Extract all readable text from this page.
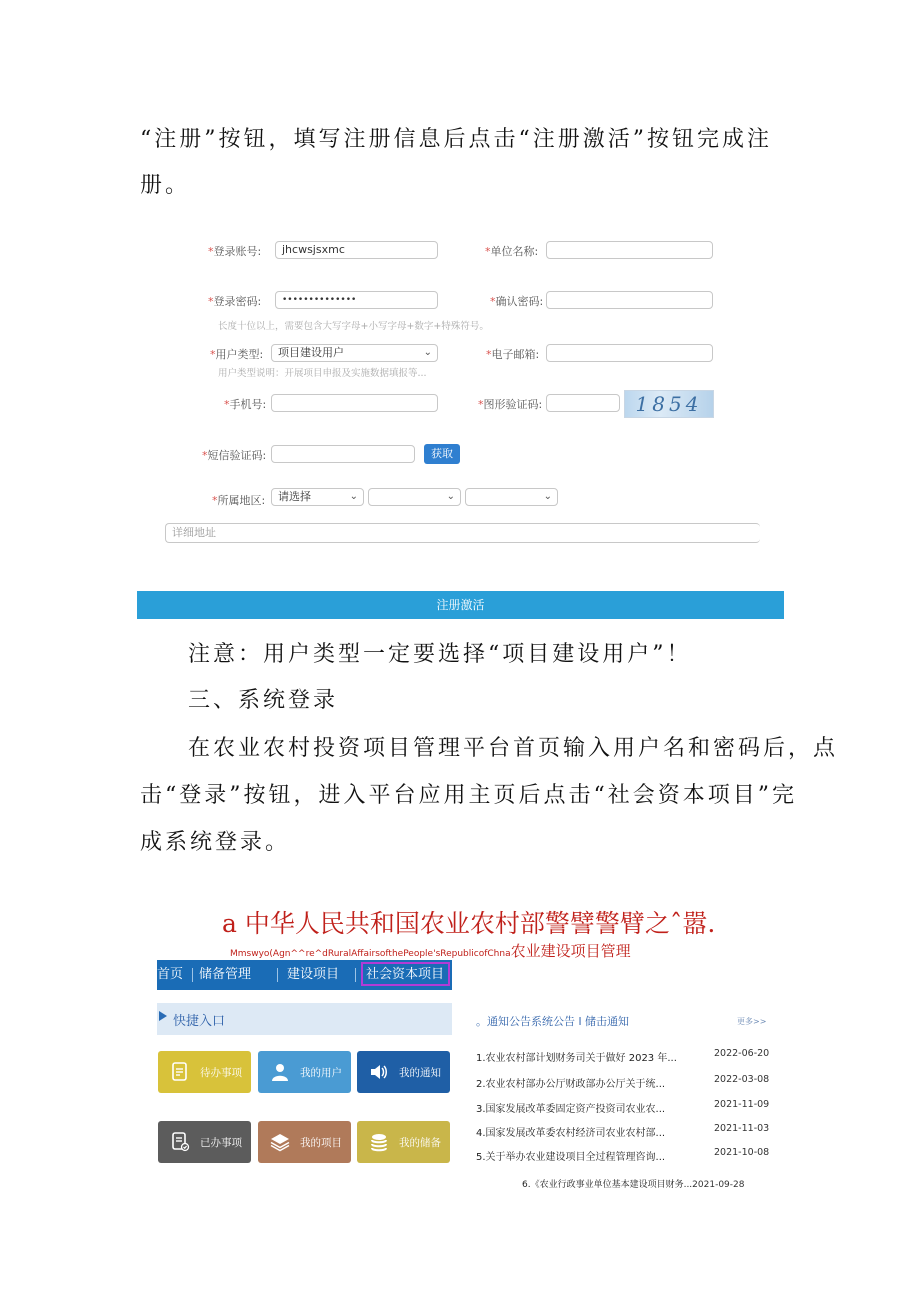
“注册”按钮，填写注册信息后点击“注册激活”按钮完成注
册。
*登录账号:	jhcwsjsxmc	*单位名称:
*登录密码:	••••••••••••••	*确认密码:
长度十位以上，需要包含大写字母+小写字母+数字+特殊符号。
*用户类型:	项目建设用户	⌄	*电子邮箱:
用户类型说明：开展项目申报及实施数据填报等...
*手机号:	*图形验证码:	1854
*短信验证码:	获取
*所属地区:	请选择	⌄	⌄	⌄
详细地址
注册激活
注意：用户类型一定要选择“项目建设用户”！
三、系统登录
在农业农村投资项目管理平台首页输入用户名和密码后，点
击“登录”按钮，进入平台应用主页后点击“社会资本项目”完
成系统登录。
a 中华人民共和国农业农村部警譬警臂之ˆ嚣.
Mmswyo(Agn^^re^dRuralAffairsofthePeople'sRepublicofChna农业建设项目管理
首页 储备管理	建设项目	社会资本项目
快捷入口
待办事项	我的用户	我的通知
已办事项	我的项目	我的储备
。通知公告系统公告 l 储击通知	更多>>
1.农业农村部计划财务司关于做好 2023 年...	2022-06-20
2.农业农村部办公厅财政部办公厅关于统...	2022-03-08
3.国家发展改革委固定资产投资司农业农...	2021-11-09
4.国家发展改革委农村经济司农业农村部...	2021-11-03
5.关于举办农业建设项目全过程管理咨询...	2021-10-08
6.《农业行政事业单位基本建设项目财务...2021-09-28
